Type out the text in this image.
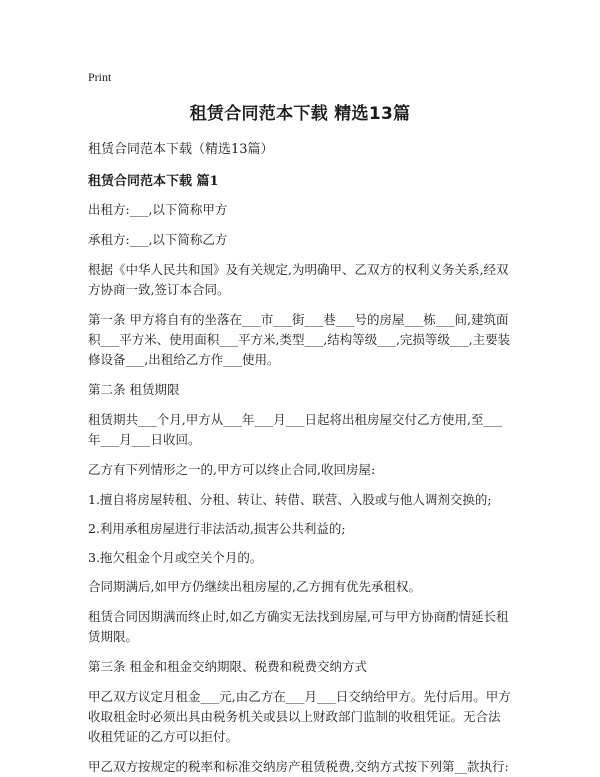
Print
租赁合同范本下载 精选13篇
租赁合同范本下载（精选13篇）
租赁合同范本下载 篇1

出租方:___,以下简称甲方

承租方:___,以下简称乙方

根据《中华人民共和国》及有关规定,为明确甲、乙双方的权利义务关系,经双方协商一致,签订本合同。

第一条 甲方将自有的坐落在___市___街___巷___号的房屋___栋___间,建筑面积___平方米、使用面积___平方米,类型___,结构等级___,完损等级___,主要装修设备___,出租给乙方作___使用。

第二条 租赁期限

租赁期共___个月,甲方从___年___月___日起将出租房屋交付乙方使用,至___年___月___日收回。

乙方有下列情形之一的,甲方可以终止合同,收回房屋:

1.擅自将房屋转租、分租、转让、转借、联营、入股或与他人调剂交换的;

2.利用承租房屋进行非法活动,损害公共利益的;

3.拖欠租金个月或空关个月的。

合同期满后,如甲方仍继续出租房屋的,乙方拥有优先承租权。

租赁合同因期满而终止时,如乙方确实无法找到房屋,可与甲方协商酌情延长租赁期限。

第三条 租金和租金交纳期限、税费和税费交纳方式

甲乙双方议定月租金___元,由乙方在___月___日交纳给甲方。先付后用。甲方收取租金时必须出具由税务机关或县以上财政部门监制的收租凭证。无合法收租凭证的乙方可以拒付。

甲乙双方按规定的税率和标准交纳房产租赁税费,交纳方式按下列第__款执行:
